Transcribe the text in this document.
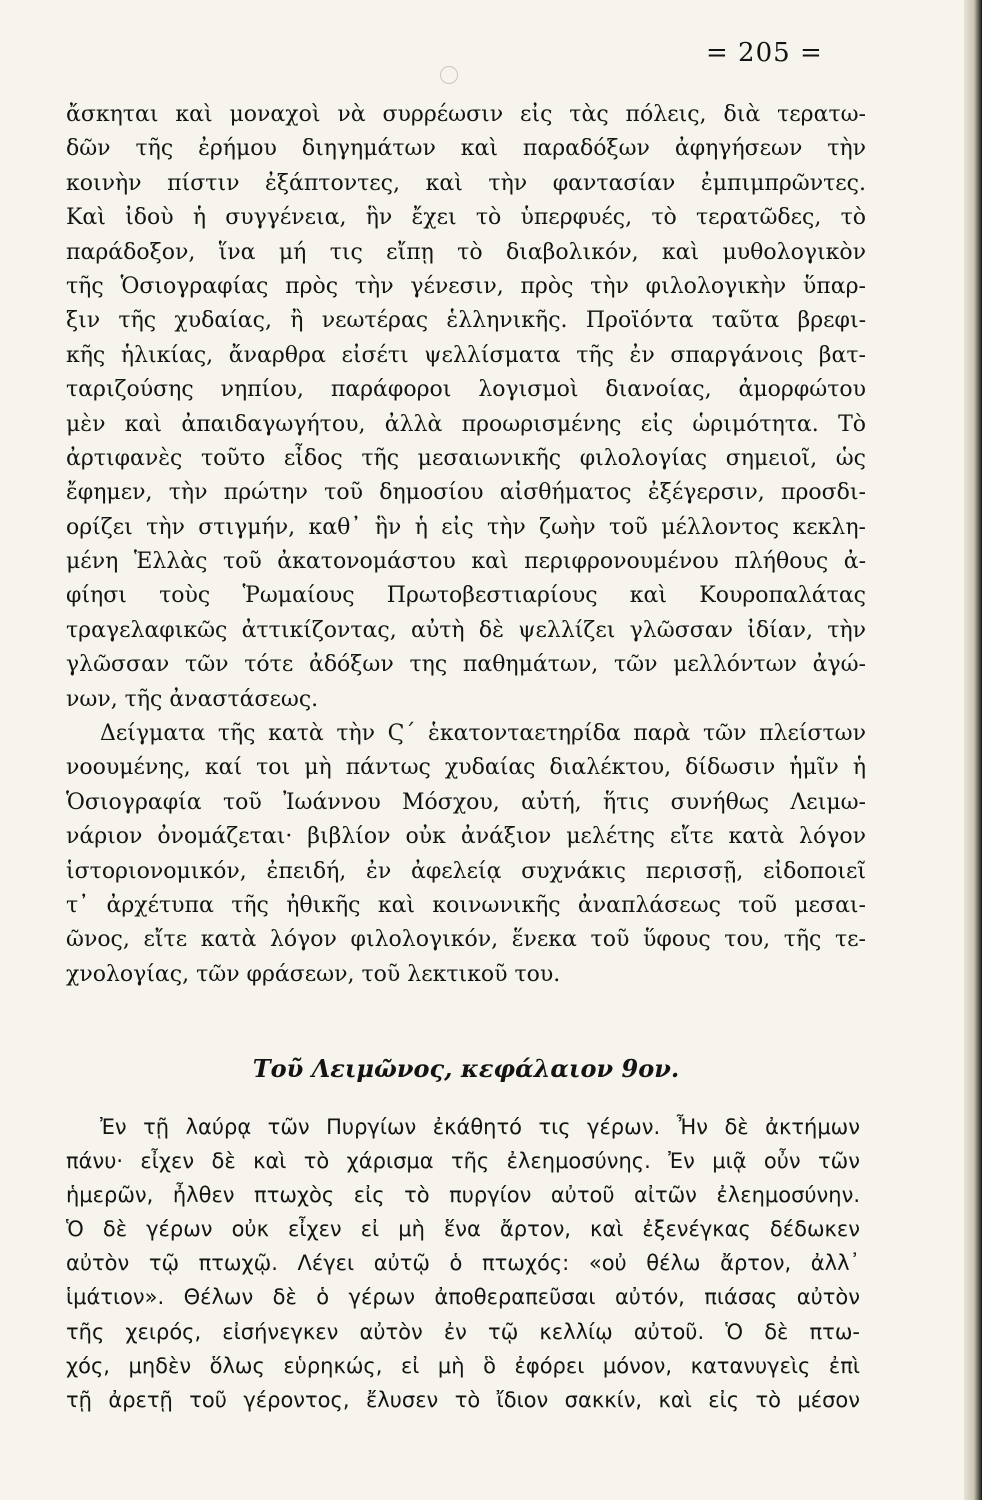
= 205 =
ἄσκηται καὶ μοναχοὶ νὰ συρρέωσιν εἰς τὰς πόλεις, διὰ τερατω-
δῶν τῆς ἐρήμου διηγημάτων καὶ παραδόξων ἀφηγήσεων τὴν
κοινὴν πίστιν ἐξάπτοντες, καὶ τὴν φαντασίαν ἐμπιμπρῶντες.
Καὶ ἰδοὺ ἡ συγγένεια, ἣν ἔχει τὸ ὑπερφυές, τὸ τερατῶδες, τὸ
παράδοξον, ἵνα μή τις εἴπῃ τὸ διαβολικόν, καὶ μυθολογικὸν
τῆς Ὁσιογραφίας πρὸς τὴν γένεσιν, πρὸς τὴν φιλολογικὴν ὕπαρ-
ξιν τῆς χυδαίας, ἢ νεωτέρας ἑλληνικῆς. Προϊόντα ταῦτα βρεφι-
κῆς ἡλικίας, ἄναρθρα εἰσέτι ψελλίσματα τῆς ἐν σπαργάνοις βατ-
ταριζούσης νηπίου, παράφοροι λογισμοὶ διανοίας, ἀμορφώτου
μὲν καὶ ἀπαιδαγωγήτου, ἀλλὰ προωρισμένης εἰς ὡριμότητα. Τὸ
ἀρτιφανὲς τοῦτο εἶδος τῆς μεσαιωνικῆς φιλολογίας σημειοῖ, ὡς
ἔφημεν, τὴν πρώτην τοῦ δημοσίου αἰσθήματος ἐξέγερσιν, προσδι-
ορίζει τὴν στιγμήν, καθ᾿ ἣν ἡ εἰς τὴν ζωὴν τοῦ μέλλοντος κεκλη-
μένη Ἑλλὰς τοῦ ἀκατονομάστου καὶ περιφρονουμένου πλήθους ἀ-
φίησι τοὺς Ῥωμαίους Πρωτοβεστιαρίους καὶ Κουροπαλάτας
τραγελαφικῶς ἀττικίζοντας, αὐτὴ δὲ ψελλίζει γλῶσσαν ἰδίαν, τὴν
γλῶσσαν τῶν τότε ἀδόξων της παθημάτων, τῶν μελλόντων ἀγώ-
νων, τῆς ἀναστάσεως.
Δείγματα τῆς κατὰ τὴν Ϛ΄ ἑκατονταετηρίδα παρὰ τῶν πλείστων
νοουμένης, καί τοι μὴ πάντως χυδαίας διαλέκτου, δίδωσιν ἡμῖν ἡ
Ὁσιογραφία τοῦ Ἰωάννου Μόσχου, αὐτή, ἥτις συνήθως Λειμω-
νάριον ὀνομάζεται· βιβλίον οὐκ ἀνάξιον μελέτης εἴτε κατὰ λόγον
ἱστοριονομικόν, ἐπειδή, ἐν ἀφελείᾳ συχνάκις περισσῇ, εἰδοποιεῖ
τ᾿ ἀρχέτυπα τῆς ἠθικῆς καὶ κοινωνικῆς ἀναπλάσεως τοῦ μεσαι-
ῶνος, εἴτε κατὰ λόγον φιλολογικόν, ἕνεκα τοῦ ὕφους του, τῆς τε-
χνολογίας, τῶν φράσεων, τοῦ λεκτικοῦ του.
Τοῦ Λειμῶνος, κεφάλαιον 9ον.
Ἐν τῇ λαύρᾳ τῶν Πυργίων ἐκάθητό τις γέρων. Ἦν δὲ ἀκτήμων
πάνυ· εἶχεν δὲ καὶ τὸ χάρισμα τῆς ἐλεημοσύνης. Ἐν μιᾷ οὖν τῶν
ἡμερῶν, ἦλθεν πτωχὸς εἰς τὸ πυργίον αὐτοῦ αἰτῶν ἐλεημοσύνην.
Ὁ δὲ γέρων οὐκ εἶχεν εἰ μὴ ἕνα ἄρτον, καὶ ἐξενέγκας δέδωκεν
αὐτὸν τῷ πτωχῷ. Λέγει αὐτῷ ὁ πτωχός: «οὐ θέλω ἄρτον, ἀλλ᾿
ἱμάτιον». Θέλων δὲ ὁ γέρων ἀποθεραπεῦσαι αὐτόν, πιάσας αὐτὸν
τῆς χειρός, εἰσήνεγκεν αὐτὸν ἐν τῷ κελλίῳ αὐτοῦ. Ὁ δὲ πτω-
χός, μηδὲν ὅλως εὑρηκώς, εἰ μὴ ὃ ἐφόρει μόνον, κατανυγεὶς ἐπὶ
τῇ ἀρετῇ τοῦ γέροντος, ἔλυσεν τὸ ἴδιον σακκίν, καὶ εἰς τὸ μέσον
